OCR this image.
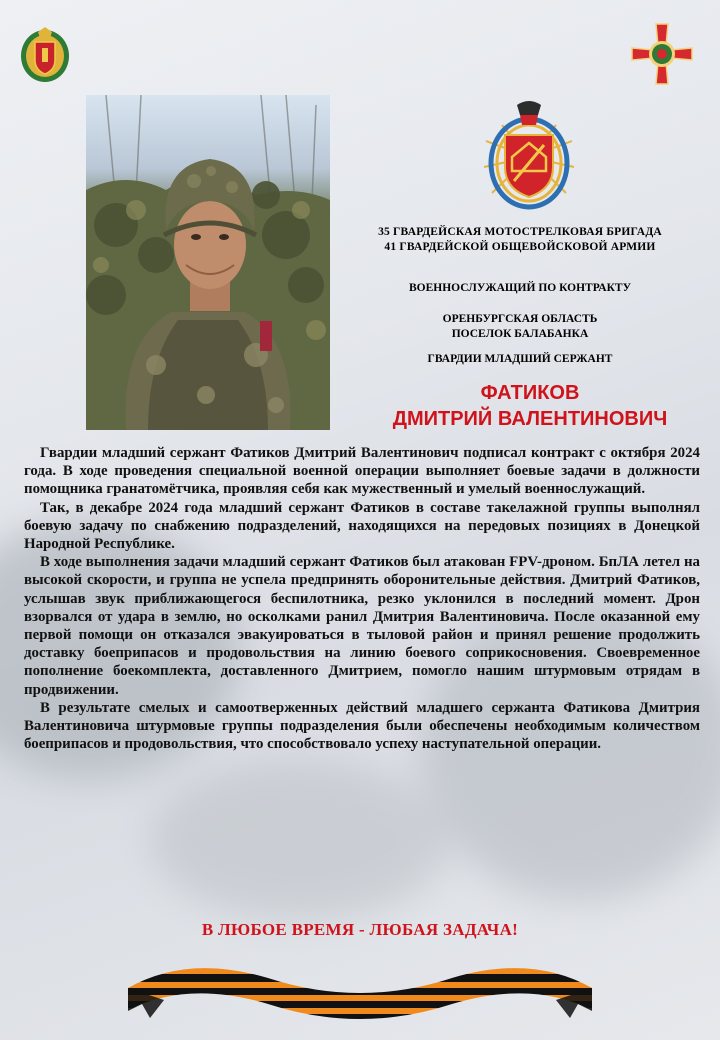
35 ГВАРДЕЙСКАЯ МОТОСТРЕЛКОВАЯ БРИГАДА
41 ГВАРДЕЙСКОЙ ОБЩЕВОЙСКОВОЙ АРМИИ
ВОЕННОСЛУЖАЩИЙ ПО КОНТРАКТУ
ОРЕНБУРГСКАЯ ОБЛАСТЬ
ПОСЕЛОК БАЛАБАНКА
ГВАРДИИ МЛАДШИЙ СЕРЖАНТ
ФАТИКОВ
ДМИТРИЙ ВАЛЕНТИНОВИЧ

Гвардии младший сержант Фатиков Дмитрий Валентинович подписал контракт с октября 2024 года. В ходе проведения специальной военной операции выполняет боевые задачи в должности помощника гранатомётчика, проявляя себя как мужественный и умелый военнослужащий.

Так, в декабре 2024 года младший сержант Фатиков в составе такелажной группы выполнял боевую задачу по снабжению подразделений, находящихся на передовых позициях в Донецкой Народной Республике.

В ходе выполнения задачи младший сержант Фатиков был атакован FPV-дроном. БпЛА летел на высокой скорости, и группа не успела предпринять оборонительные действия. Дмитрий Фатиков, услышав звук приближающегося беспилотника, резко уклонился в последний момент. Дрон взорвался от удара в землю, но осколками ранил Дмитрия Валентиновича. После оказанной ему первой помощи он отказался эвакуироваться в тыловой район и принял решение продолжить доставку боеприпасов и продовольствия на линию боевого соприкосновения. Своевременное пополнение боекомплекта, доставленного Дмитрием, помогло нашим штурмовым отрядам в продвижении.

В результате смелых и самоотверженных действий младшего сержанта Фатикова Дмитрия Валентиновича штурмовые группы подразделения были обеспечены необходимым количеством боеприпасов и продовольствия, что способствовало успеху наступательной операции.

В ЛЮБОЕ ВРЕМЯ - ЛЮБАЯ ЗАДАЧА!
